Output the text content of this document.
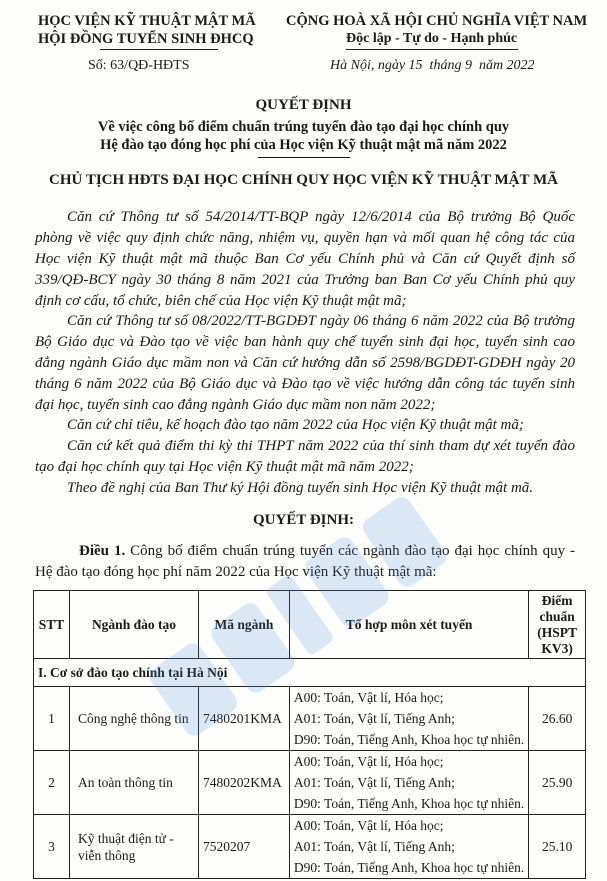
HỌC VIỆN KỸ THUẬT MẬT MÃ
HỘI ĐỒNG TUYỂN SINH ĐHCQ
Số: 63/QĐ-HĐTS
CỘNG HOÀ XÃ HỘI CHỦ NGHĨA VIỆT NAM
Độc lập - Tự do - Hạnh phúc
Hà Nội, ngày 15  tháng 9  năm 2022
QUYẾT ĐỊNH
Về việc công bố điểm chuẩn trúng tuyển đào tạo đại học chính quy
Hệ đào tạo đóng học phí của Học viện Kỹ thuật mật mã năm 2022
CHỦ TỊCH HĐTS ĐẠI HỌC CHÍNH QUY HỌC VIỆN KỸ THUẬT MẬT MÃ
Căn cứ Thông tư số 54/2014/TT-BQP ngày 12/6/2014 của Bộ trưởng Bộ Quốc phòng về việc quy định chức năng, nhiệm vụ, quyền hạn và mối quan hệ công tác của Học viện Kỹ thuật mật mã thuộc Ban Cơ yếu Chính phủ và Căn cứ Quyết định số 339/QĐ-BCY ngày 30 tháng 8 năm 2021 của Trưởng ban Ban Cơ yếu Chính phủ quy định cơ cấu, tổ chức, biên chế của Học viện Kỹ thuật mật mã;
Căn cứ Thông tư số 08/2022/TT-BGDĐT ngày 06 tháng 6 năm 2022 của Bộ trưởng Bộ Giáo dục và Đào tạo về việc ban hành quy chế tuyển sinh đại học, tuyển sinh cao đẳng ngành Giáo dục mầm non và Căn cứ hướng dẫn số 2598/BGDĐT-GDĐH ngày 20 tháng 6 năm 2022 của Bộ Giáo dục và Đào tạo về việc hướng dẫn công tác tuyển sinh đại học, tuyển sinh cao đẳng ngành Giáo dục mầm non năm 2022;
Căn cứ chỉ tiêu, kế hoạch đào tạo năm 2022 của Học viện Kỹ thuật mật mã;
Căn cứ kết quả điểm thi kỳ thi THPT năm 2022 của thí sinh tham dự xét tuyển đào tạo đại học chính quy tại Học viện Kỹ thuật mật mã năm 2022;
Theo đề nghị của Ban Thư ký Hội đồng tuyển sinh Học viện Kỹ thuật mật mã.
QUYẾT ĐỊNH:
Điều 1. Công bố điểm chuẩn trúng tuyển các ngành đào tạo đại học chính quy - Hệ đào tạo đóng học phí năm 2022 của Học viện Kỹ thuật mật mã:
STT	Ngành đào tạo	Mã ngành	Tổ hợp môn xét tuyển	Điểm chuẩn (HSPT KV3)
I. Cơ sở đào tạo chính tại Hà Nội				
1	Công nghệ thông tin	7480201KMA	A00: Toán, Vật lí, Hóa học;
A01: Toán, Vật lí, Tiếng Anh;
D90: Toán, Tiếng Anh, Khoa học tự nhiên.	26.60
2	An toàn thông tin	7480202KMA	A00: Toán, Vật lí, Hóa học;
A01: Toán, Vật lí, Tiếng Anh;
D90: Toán, Tiếng Anh, Khoa học tự nhiên.	25.90
3	Kỹ thuật điện tử - viễn thông	7520207	A00: Toán, Vật lí, Hóa học;
A01: Toán, Vật lí, Tiếng Anh;
D90: Toán, Tiếng Anh, Khoa học tự nhiên.	25.10
